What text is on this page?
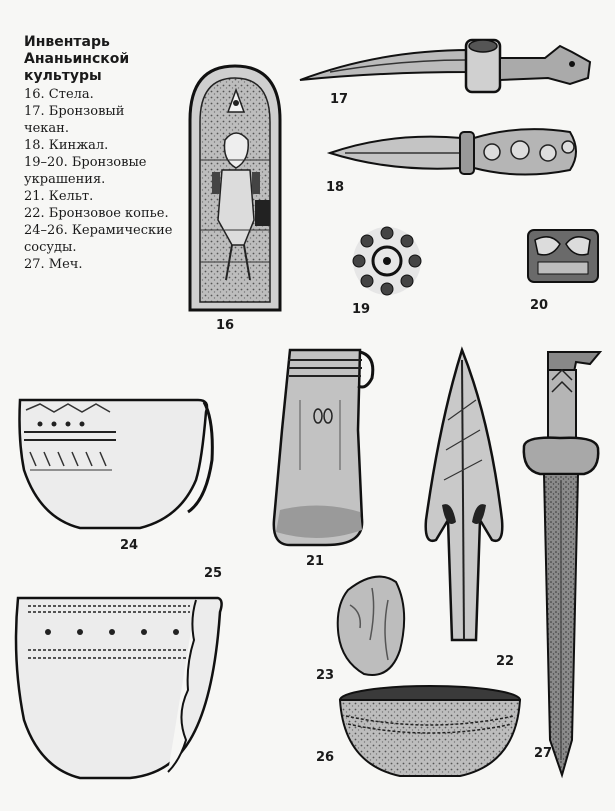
Инвентарь
Ананьинской
культуры
16. Стела.
17. Бронзовый
чекан.
18. Кинжал.
19–20. Бронзовые
украшения.
21. Кельт.
22. Бронзовое копье.
24–26. Керамические
сосуды.
27. Меч.
16
17
18
19	20
21
22
23
24
25
26	27
